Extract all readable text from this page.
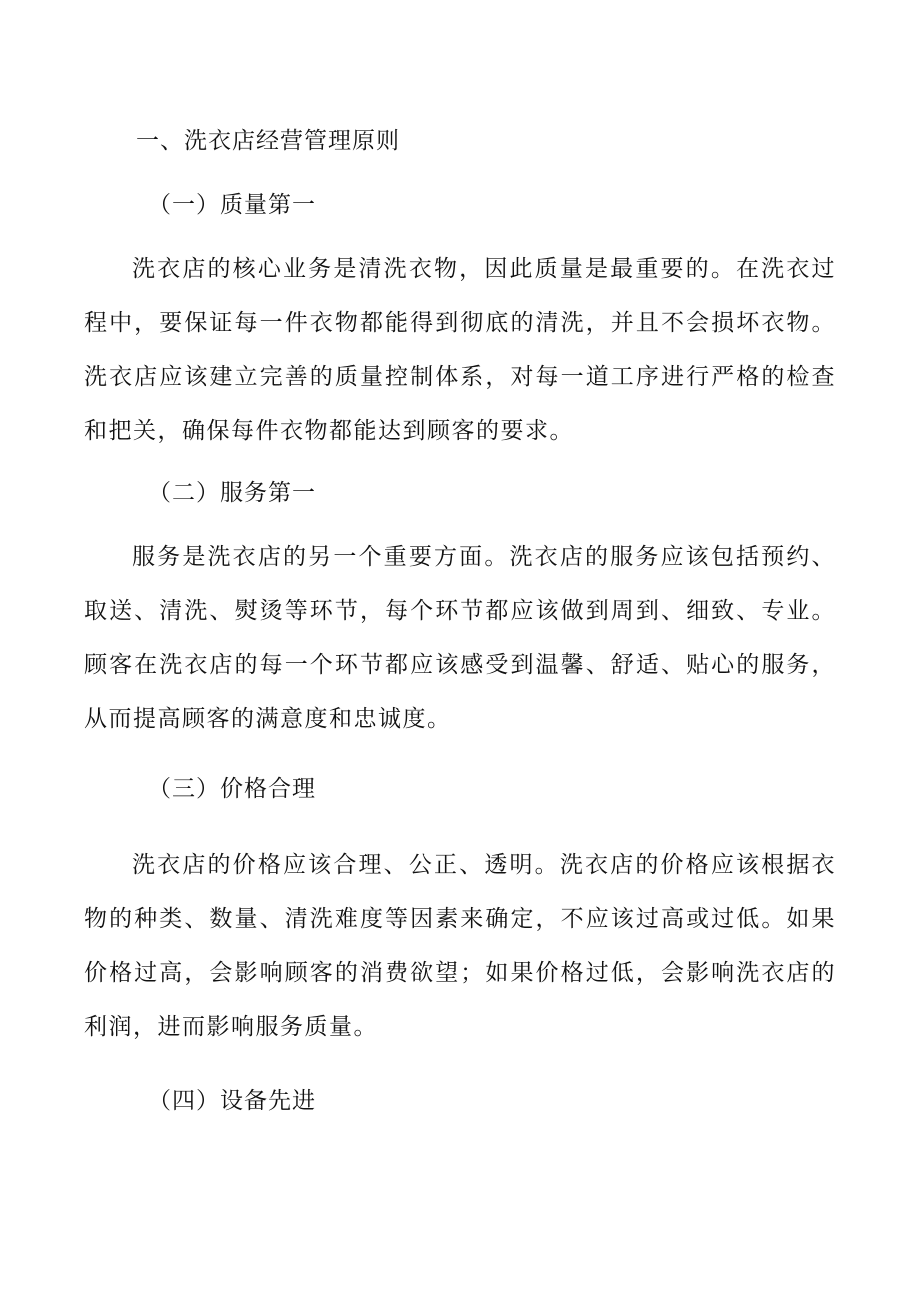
一、洗衣店经营管理原则
（一）质量第一
洗衣店的核心业务是清洗衣物，因此质量是最重要的。在洗衣过程中，要保证每一件衣物都能得到彻底的清洗，并且不会损坏衣物。洗衣店应该建立完善的质量控制体系，对每一道工序进行严格的检查和把关，确保每件衣物都能达到顾客的要求。
（二）服务第一
服务是洗衣店的另一个重要方面。洗衣店的服务应该包括预约、取送、清洗、熨烫等环节，每个环节都应该做到周到、细致、专业。顾客在洗衣店的每一个环节都应该感受到温馨、舒适、贴心的服务，从而提高顾客的满意度和忠诚度。
（三）价格合理
洗衣店的价格应该合理、公正、透明。洗衣店的价格应该根据衣物的种类、数量、清洗难度等因素来确定，不应该过高或过低。如果价格过高，会影响顾客的消费欲望；如果价格过低，会影响洗衣店的利润，进而影响服务质量。
（四）设备先进
